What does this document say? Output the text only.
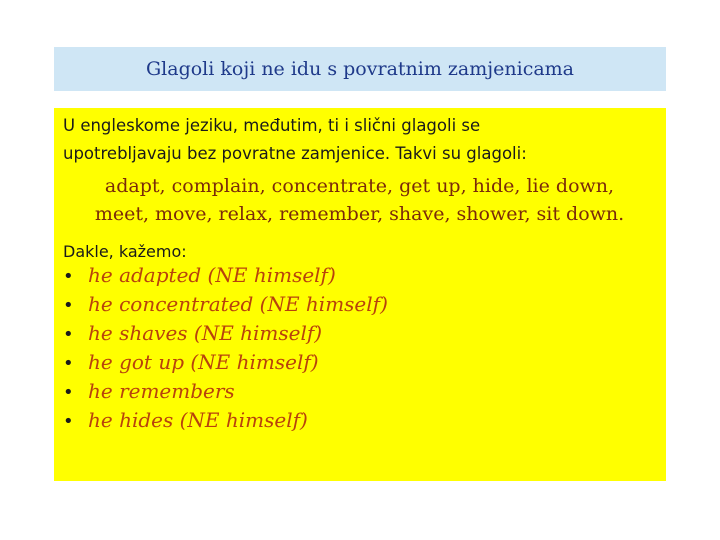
Glagoli koji ne idu s povratnim zamjenicama

U engleskome jeziku, međutim, ti i slični glagoli se
upotrebljavaju bez povratne zamjenice. Takvi su glagoli:

adapt, complain, concentrate, get up, hide, lie down, meet, move, relax, remember, shave, shower, sit down.

Dakle, kažemo:

• he adapted (NE himself)
• he concentrated (NE himself)
• he shaves (NE himself)
• he got up (NE himself)
• he remembers
• he hides (NE himself)
